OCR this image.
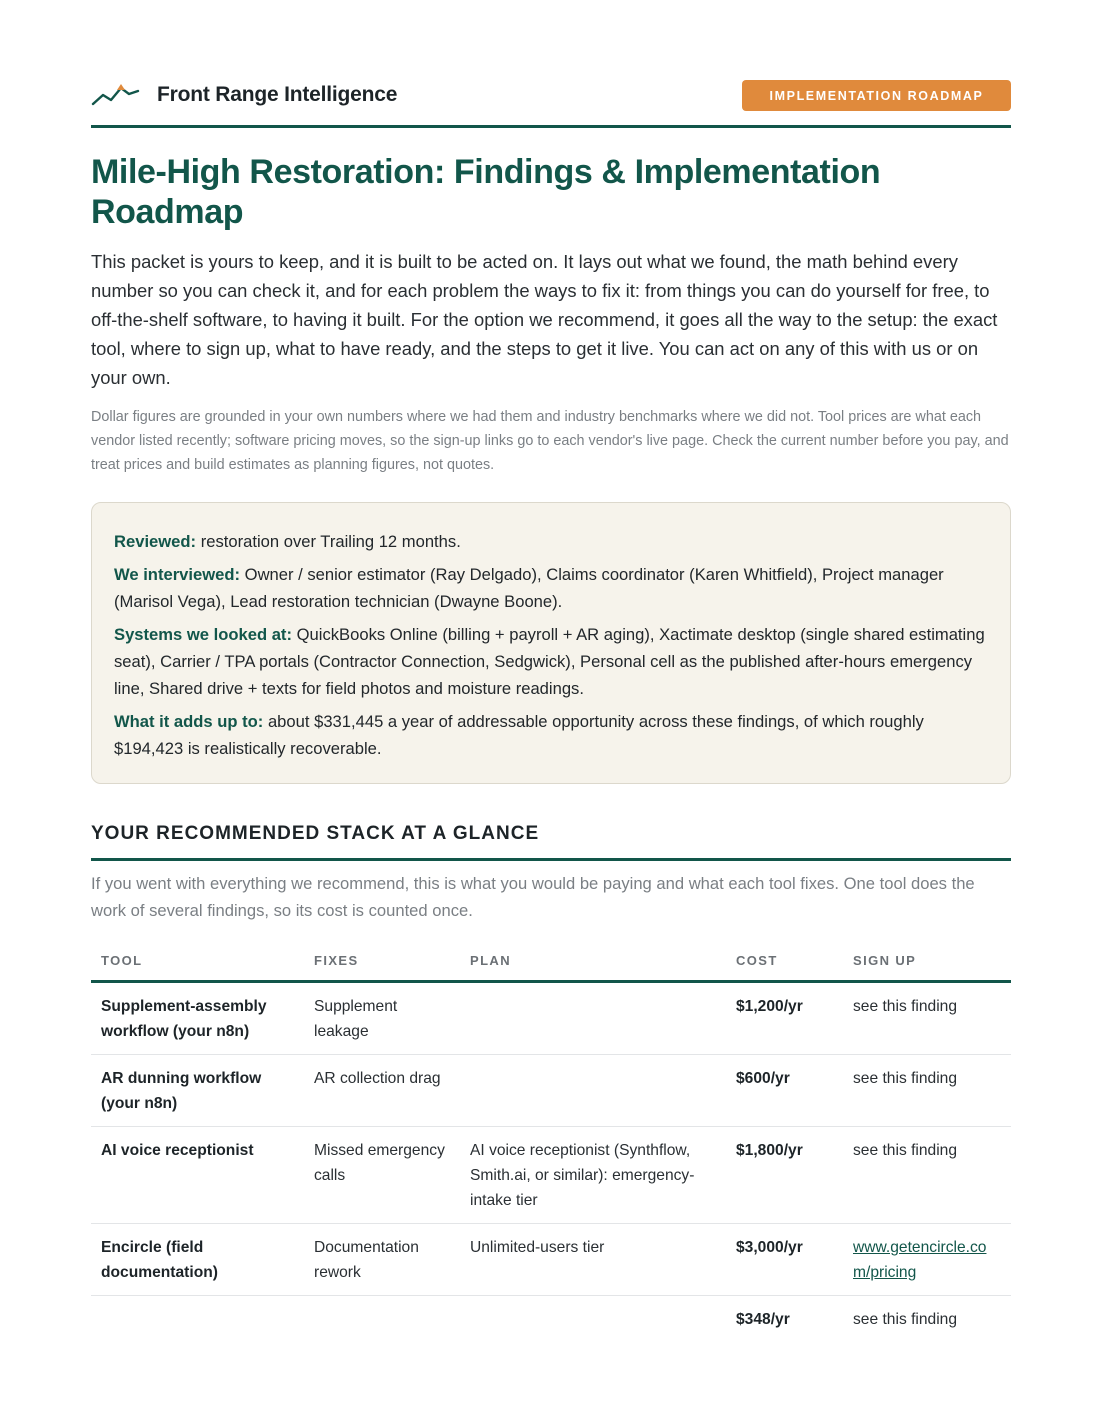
Front Range Intelligence	IMPLEMENTATION ROADMAP
Mile-High Restoration: Findings & Implementation Roadmap

This packet is yours to keep, and it is built to be acted on. It lays out what we found, the math behind every number so you can check it, and for each problem the ways to fix it: from things you can do yourself for free, to off-the-shelf software, to having it built. For the option we recommend, it goes all the way to the setup: the exact tool, where to sign up, what to have ready, and the steps to get it live. You can act on any of this with us or on your own.

Dollar figures are grounded in your own numbers where we had them and industry benchmarks where we did not. Tool prices are what each vendor listed recently; software pricing moves, so the sign-up links go to each vendor's live page. Check the current number before you pay, and treat prices and build estimates as planning figures, not quotes.

Reviewed: restoration over Trailing 12 months.

We interviewed: Owner / senior estimator (Ray Delgado), Claims coordinator (Karen Whitfield), Project manager (Marisol Vega), Lead restoration technician (Dwayne Boone).

Systems we looked at: QuickBooks Online (billing + payroll + AR aging), Xactimate desktop (single shared estimating seat), Carrier / TPA portals (Contractor Connection, Sedgwick), Personal cell as the published after-hours emergency line, Shared drive + texts for field photos and moisture readings.

What it adds up to: about $331,445 a year of addressable opportunity across these findings, of which roughly $194,423 is realistically recoverable.

YOUR RECOMMENDED STACK AT A GLANCE

If you went with everything we recommend, this is what you would be paying and what each tool fixes. One tool does the work of several findings, so its cost is counted once.

TOOL	FIXES	PLAN	COST	SIGN UP
Supplement-assembly workflow (your n8n)	Supplement leakage		$1,200/yr	see this finding
AR dunning workflow (your n8n)	AR collection drag		$600/yr	see this finding
AI voice receptionist	Missed emergency calls	AI voice receptionist (Synthflow, Smith.ai, or similar): emergency-intake tier	$1,800/yr	see this finding
Encircle (field documentation)	Documentation rework	Unlimited-users tier	$3,000/yr	www.getencircle.com/pricing
			$348/yr	see this finding
